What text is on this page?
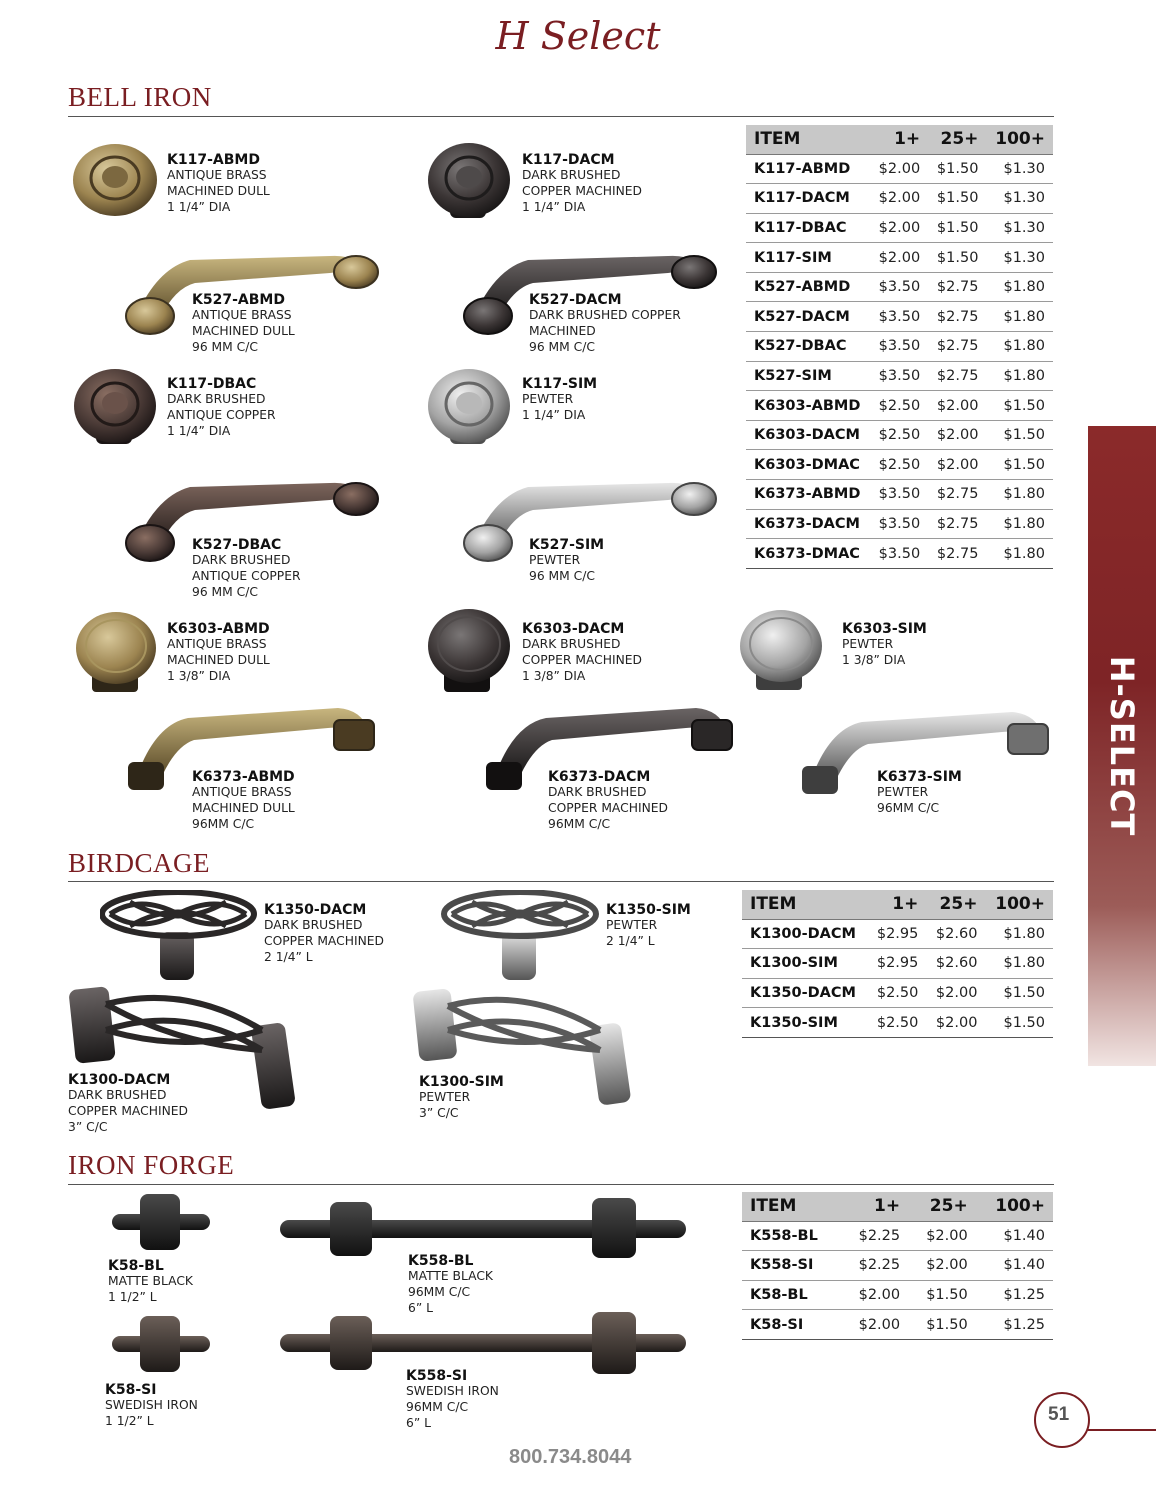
H Select
BELL IRON
K117-ABMD
ANTIQUE BRASS
MACHINED DULL
1 1/4” DIA
K117-DACM
DARK BRUSHED
COPPER MACHINED
1 1/4” DIA
K527-ABMD
ANTIQUE BRASS
MACHINED DULL
96 MM C/C
K527-DACM
DARK BRUSHED COPPER
MACHINED
96 MM C/C
K117-DBAC
DARK BRUSHED
ANTIQUE COPPER
1 1/4” DIA
K117-SIM
PEWTER
1 1/4” DIA
K527-DBAC
DARK BRUSHED
ANTIQUE COPPER
96 MM C/C
K527-SIM
PEWTER
96 MM C/C
K6303-ABMD
ANTIQUE BRASS
MACHINED DULL
1 3/8” DIA
K6303-DACM
DARK BRUSHED
COPPER MACHINED
1 3/8” DIA
K6303-SIM
PEWTER
1 3/8” DIA
K6373-ABMD
ANTIQUE BRASS
MACHINED DULL
96MM C/C
K6373-DACM
DARK BRUSHED
COPPER MACHINED
96MM C/C
K6373-SIM
PEWTER
96MM C/C
ITEM	1+	25+	100+
K117-ABMD	$2.00	$1.50	$1.30
K117-DACM	$2.00	$1.50	$1.30
K117-DBAC	$2.00	$1.50	$1.30
K117-SIM	$2.00	$1.50	$1.30
K527-ABMD	$3.50	$2.75	$1.80
K527-DACM	$3.50	$2.75	$1.80
K527-DBAC	$3.50	$2.75	$1.80
K527-SIM	$3.50	$2.75	$1.80
K6303-ABMD	$2.50	$2.00	$1.50
K6303-DACM	$2.50	$2.00	$1.50
K6303-DMAC	$2.50	$2.00	$1.50
K6373-ABMD	$3.50	$2.75	$1.80
K6373-DACM	$3.50	$2.75	$1.80
K6373-DMAC	$3.50	$2.75	$1.80
BIRDCAGE
K1350-DACM
DARK BRUSHED
COPPER MACHINED
2 1/4” L
K1350-SIM
PEWTER
2 1/4” L
K1300-DACM
DARK BRUSHED
COPPER MACHINED
3” C/C
K1300-SIM
PEWTER
3” C/C
ITEM	1+	25+	100+
K1300-DACM	$2.95	$2.60	$1.80
K1300-SIM	$2.95	$2.60	$1.80
K1350-DACM	$2.50	$2.00	$1.50
K1350-SIM	$2.50	$2.00	$1.50
IRON FORGE
K58-BL
MATTE BLACK
1 1/2” L
K558-BL
MATTE BLACK
96MM C/C
6” L
K58-SI
SWEDISH IRON
1 1/2” L
K558-SI
SWEDISH IRON
96MM C/C
6” L
ITEM	1+	25+	100+
K558-BL	$2.25	$2.00	$1.40
K558-SI	$2.25	$2.00	$1.40
K58-BL	$2.00	$1.50	$1.25
K58-SI	$2.00	$1.50	$1.25
H-SELECT
800.734.8044
51
